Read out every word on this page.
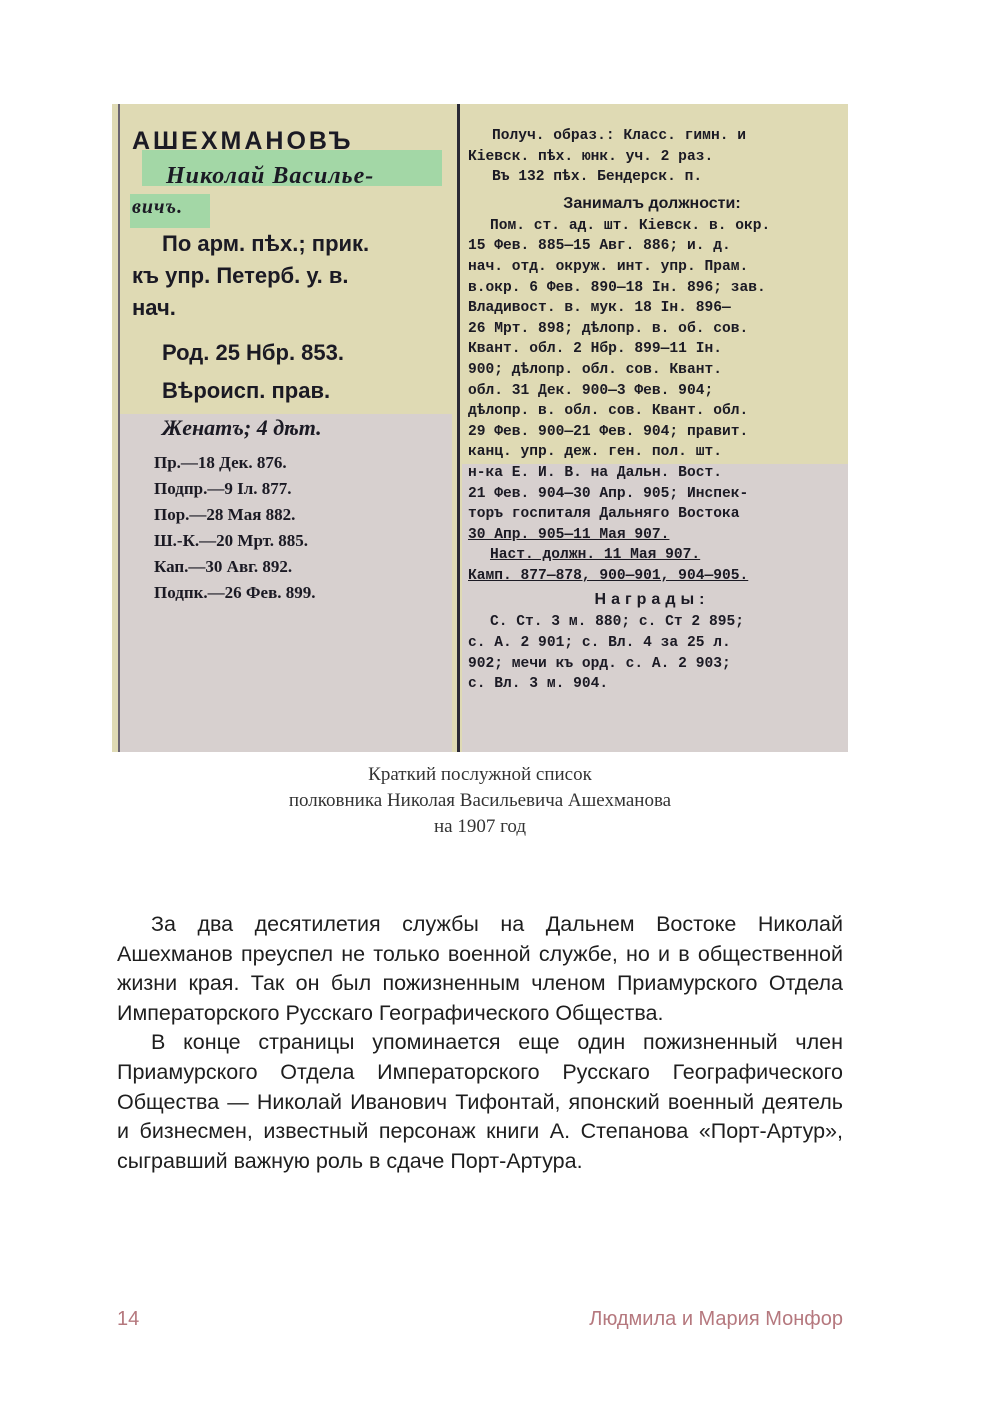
АШЕХМАНОВЪ
Николай Василье-
вичъ.
По арм. пѣх.; прик.
къ упр. Петерб. у. в.
нач.
Род. 25 Нбр. 853.
Вѣроисп. прав.
Женатъ; 4 дѣт.
Пр.—18 Дек. 876.
Подпр.—9 Іл. 877.
Пор.—28 Мая 882.
Ш.-К.—20 Мрт. 885.
Кап.—30 Авг. 892.
Подпк.—26 Фев. 899.
Получ. образ.: Класс. гимн. и
Кіевск. пѣх. юнк. уч. 2 раз.
Въ 132 пѣх. Бендерск. п.
Занималъ должности:
Пом. ст. ад. шт. Кіевск. в. окр.
15 Фев. 885—15 Авг. 886; и. д.
нач. отд. окруж. инт. упр. Прам.
в.окр. 6 Фев. 890—18 Ін. 896; зав.
Владивост. в. мук. 18 Ін. 896—
26 Мрт. 898; дѣлопр. в. об. сов.
Квант. обл. 2 Нбр. 899—11 Ін.
900; дѣлопр. обл. сов. Квант.
обл. 31 Дек. 900—3 Фев. 904;
дѣлопр. в. обл. сов. Квант. обл.
29 Фев. 900—21 Фев. 904; правит.
канц. упр. деж. ген. пол. шт.
н-ка Е. И. В. на Дальн. Вост.
21 Фев. 904—30 Апр. 905; Инспек-
торъ госпиталя Дальняго Востока
30 Апр. 905—11 Мая 907.
Наст. должн. 11 Мая 907.
Камп. 877—878, 900—901, 904—905.
Награды:
С. Ст. 3 м. 880; с. Ст 2 895;
с. А. 2 901; с. Вл. 4 за 25 л.
902; мечи къ орд. с. А. 2 903;
с. Вл. 3 м. 904.
Краткий послужной список
полковника Николая Васильевича Ашехманова
на 1907 год

За два десятилетия службы на Дальнем Востоке Николай Ашехманов преуспел не только военной службе, но и в общественной жизни края. Так он был пожизненным членом Приамурского Отдела Императорского Русскаго Географического Общества.

В конце страницы упоминается еще один пожизненный член Приамурского Отдела Императорского Русскаго Географического Общества — Николай Иванович Тифонтай, японский военный деятель и бизнесмен, известный персонаж книги А. Степанова «Порт-Артур», сыгравший важную роль в сдаче Порт-Артура.

14	Людмила и Мария Монфор
